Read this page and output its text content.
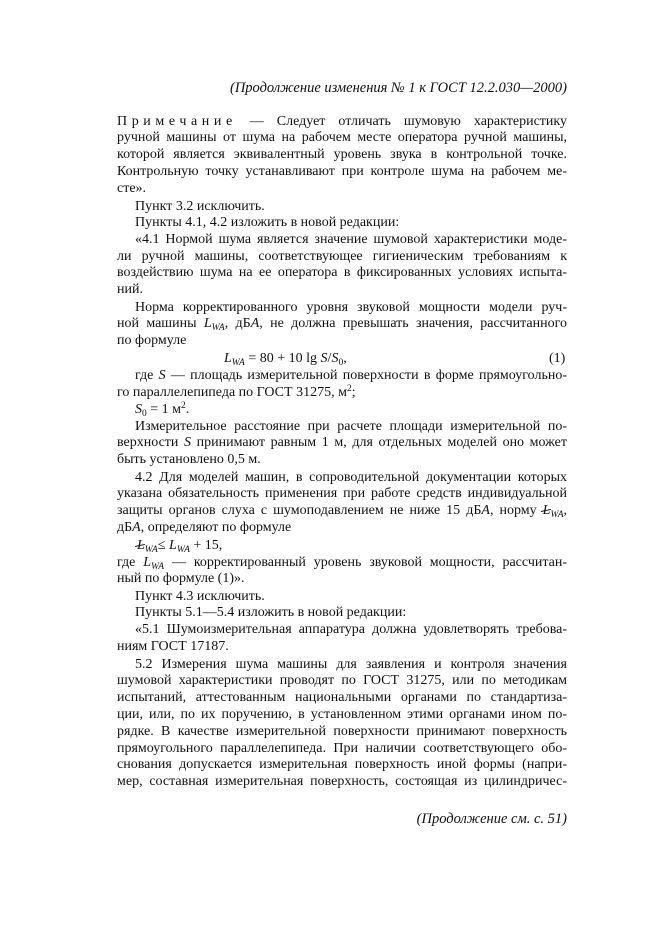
(Продолжение изменения № 1 к ГОСТ 12.2.030—2000)
Примечание — Следует отличать шумовую характеристику
ручной машины от шума на рабочем месте оператора ручной машины,
которой является эквивалентный уровень звука в контрольной точке.
Контрольную точку устанавливают при контроле шума на рабочем ме-
сте».
Пункт 3.2 исключить.
Пункты 4.1, 4.2 изложить в новой редакции:
«4.1 Нормой шума является значение шумовой характеристики моде-
ли ручной машины, соответствующее гигиеническим требованиям к
воздействию шума на ее оператора в фиксированных условиях испыта-
ний.
Норма корректированного уровня звуковой мощности модели руч-
ной машины $L_{WA}$, дБA, не должна превышать значения, рассчитанного
по формуле
$L_{WA} = 80 + 10$ $\lg S/S_0$,	(1)
где S — площадь измерительной поверхности в форме прямоугольно-
го параллелепипеда по ГОСТ 31275, $м^2$;
$S_0 = 1$ $м^2$.
Измерительное расстояние при расчете площади измерительной по-
верхности S принимают равным 1 м, для отдельных моделей оно может
быть установлено 0,5 м.
4.2 Для моделей машин, в сопроводительной документации которых
указана обязательность применения при работе средств индивидуальной
защиты органов слуха с шумоподавлением не ниже 15 дБA, норму $L_{WA}$,
дБA, определяют по формуле
$L_{WA}\le L_{WA} + 15$,
где $L_{WA}$ — корректированный уровень звуковой мощности, рассчитан-
ный по формуле (1)».
Пункт 4.3 исключить.
Пункты 5.1—5.4 изложить в новой редакции:
«5.1 Шумоизмерительная аппаратура должна удовлетворять требова-
ниям ГОСТ 17187.
5.2 Измерения шума машины для заявления и контроля значения
шумовой характеристики проводят по ГОСТ 31275, или по методикам
испытаний, аттестованным национальными органами по стандартиза-
ции, или, по их поручению, в установленном этими органами ином по-
рядке. В качестве измерительной поверхности принимают поверхность
прямоугольного параллелепипеда. При наличии соответствующего обо-
снования допускается измерительная поверхность иной формы (напри-
мер, составная измерительная поверхность, состоящая из цилиндричес-
(Продолжение см. с. 51)
